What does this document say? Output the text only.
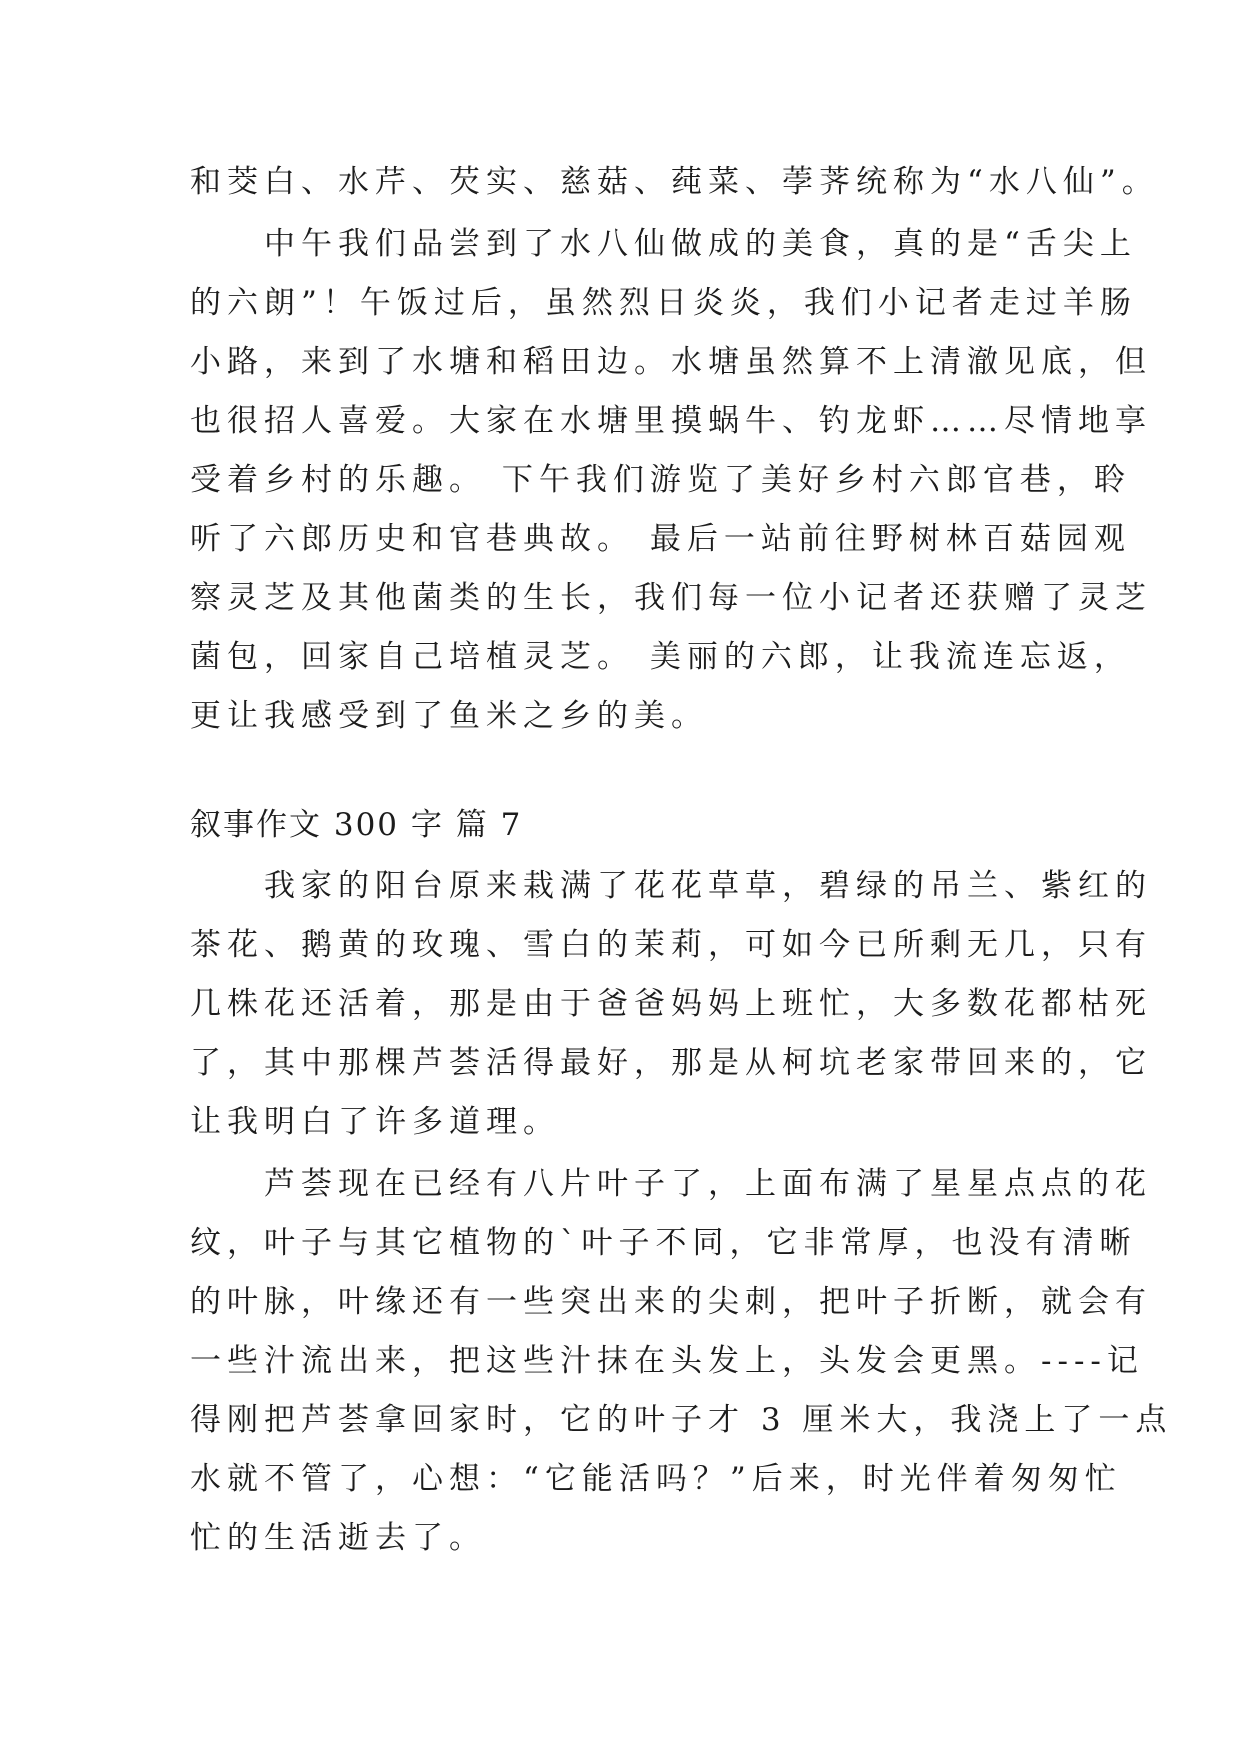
和茭白、水芹、芡实、慈菇、莼菜、荸荠统称为“水八仙”。

　　中午我们品尝到了水八仙做成的美食，真的是“舌尖上

的六朗”！午饭过后，虽然烈日炎炎，我们小记者走过羊肠

小路，来到了水塘和稻田边。水塘虽然算不上清澈见底，但

也很招人喜爱。大家在水塘里摸蜗牛、钓龙虾……尽情地享

受着乡村的乐趣。 下午我们游览了美好乡村六郎官巷，聆

听了六郎历史和官巷典故。 最后一站前往野树林百菇园观

察灵芝及其他菌类的生长，我们每一位小记者还获赠了灵芝

菌包，回家自己培植灵芝。 美丽的六郎，让我流连忘返，

更让我感受到了鱼米之乡的美。

叙事作文 300 字 篇 7

　　我家的阳台原来栽满了花花草草，碧绿的吊兰、紫红的

茶花、鹅黄的玫瑰、雪白的茉莉，可如今已所剩无几，只有

几株花还活着，那是由于爸爸妈妈上班忙，大多数花都枯死

了，其中那棵芦荟活得最好，那是从柯坑老家带回来的，它

让我明白了许多道理。

　　芦荟现在已经有八片叶子了，上面布满了星星点点的花

纹，叶子与其它植物的`叶子不同，它非常厚，也没有清晰

的叶脉，叶缘还有一些突出来的尖刺，把叶子折断，就会有

一些汁流出来，把这些汁抹在头发上，头发会更黑。----记

得刚把芦荟拿回家时，它的叶子才 3 厘米大，我浇上了一点

水就不管了，心想：“它能活吗？”后来，时光伴着匆匆忙

忙的生活逝去了。
